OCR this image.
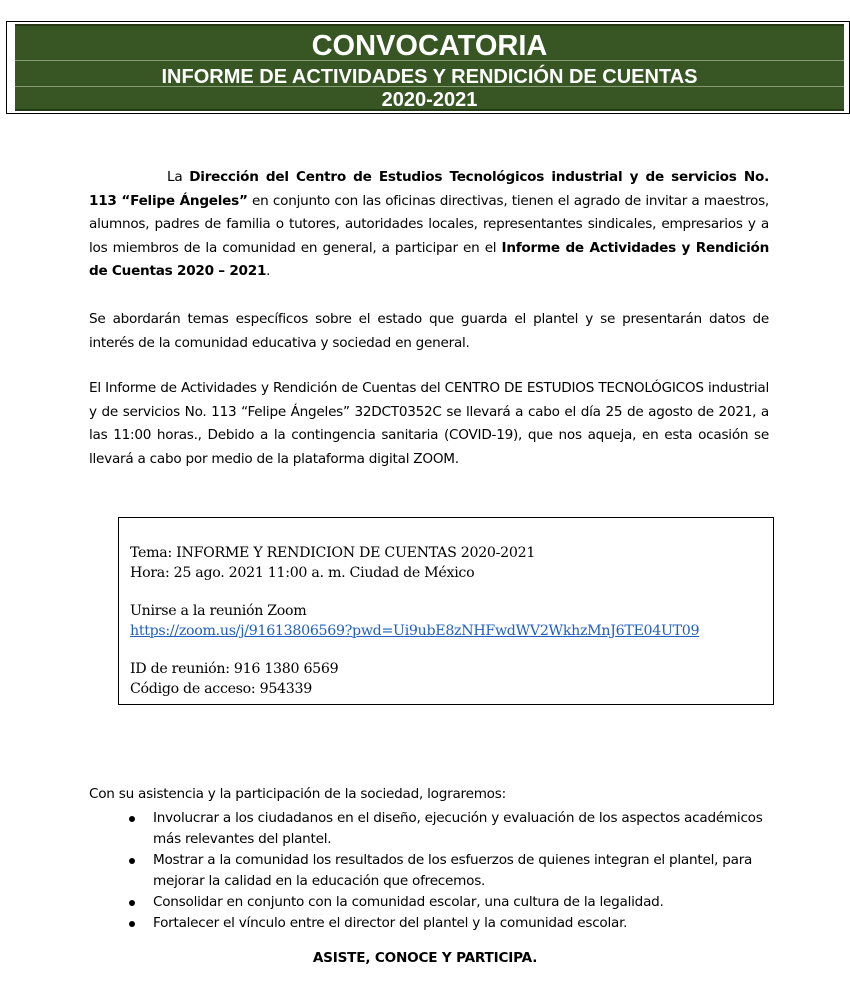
CONVOCATORIA
INFORME DE ACTIVIDADES Y RENDICIÓN DE CUENTAS
2020-2021

La Dirección del Centro de Estudios Tecnológicos industrial y de servicios No. 113 “Felipe Ángeles” en conjunto con las oficinas directivas, tienen el agrado de invitar a maestros, alumnos, padres de familia o tutores, autoridades locales, representantes sindicales, empresarios y a los miembros de la comunidad en general, a participar en el Informe de Actividades y Rendición de Cuentas 2020 – 2021.

Se abordarán temas específicos sobre el estado que guarda el plantel y se presentarán datos de interés de la comunidad educativa y sociedad en general.

El Informe de Actividades y Rendición de Cuentas del CENTRO DE ESTUDIOS TECNOLÓGICOS industrial y de servicios No. 113 “Felipe Ángeles” 32DCT0352C se llevará a cabo el día 25 de agosto de 2021, a las 11:00 horas., Debido a la contingencia sanitaria (COVID-19), que nos aqueja, en esta ocasión se llevará a cabo por medio de la plataforma digital ZOOM.

Tema: INFORME Y RENDICION DE CUENTAS 2020-2021
Hora: 25 ago. 2021 11:00 a. m. Ciudad de México
Unirse a la reunión Zoom
https://zoom.us/j/91613806569?pwd=Ui9ubE8zNHFwdWV2WkhzMnJ6TE04UT09
ID de reunión: 916 1380 6569
Código de acceso: 954339

Con su asistencia y la participación de la sociedad, lograremos:

Involucrar a los ciudadanos en el diseño, ejecución y evaluación de los aspectos académicos más relevantes del plantel.
Mostrar a la comunidad los resultados de los esfuerzos de quienes integran el plantel, para mejorar la calidad en la educación que ofrecemos.
Consolidar en conjunto con la comunidad escolar, una cultura de la legalidad.
Fortalecer el vínculo entre el director del plantel y la comunidad escolar.
ASISTE, CONOCE Y PARTICIPA.
